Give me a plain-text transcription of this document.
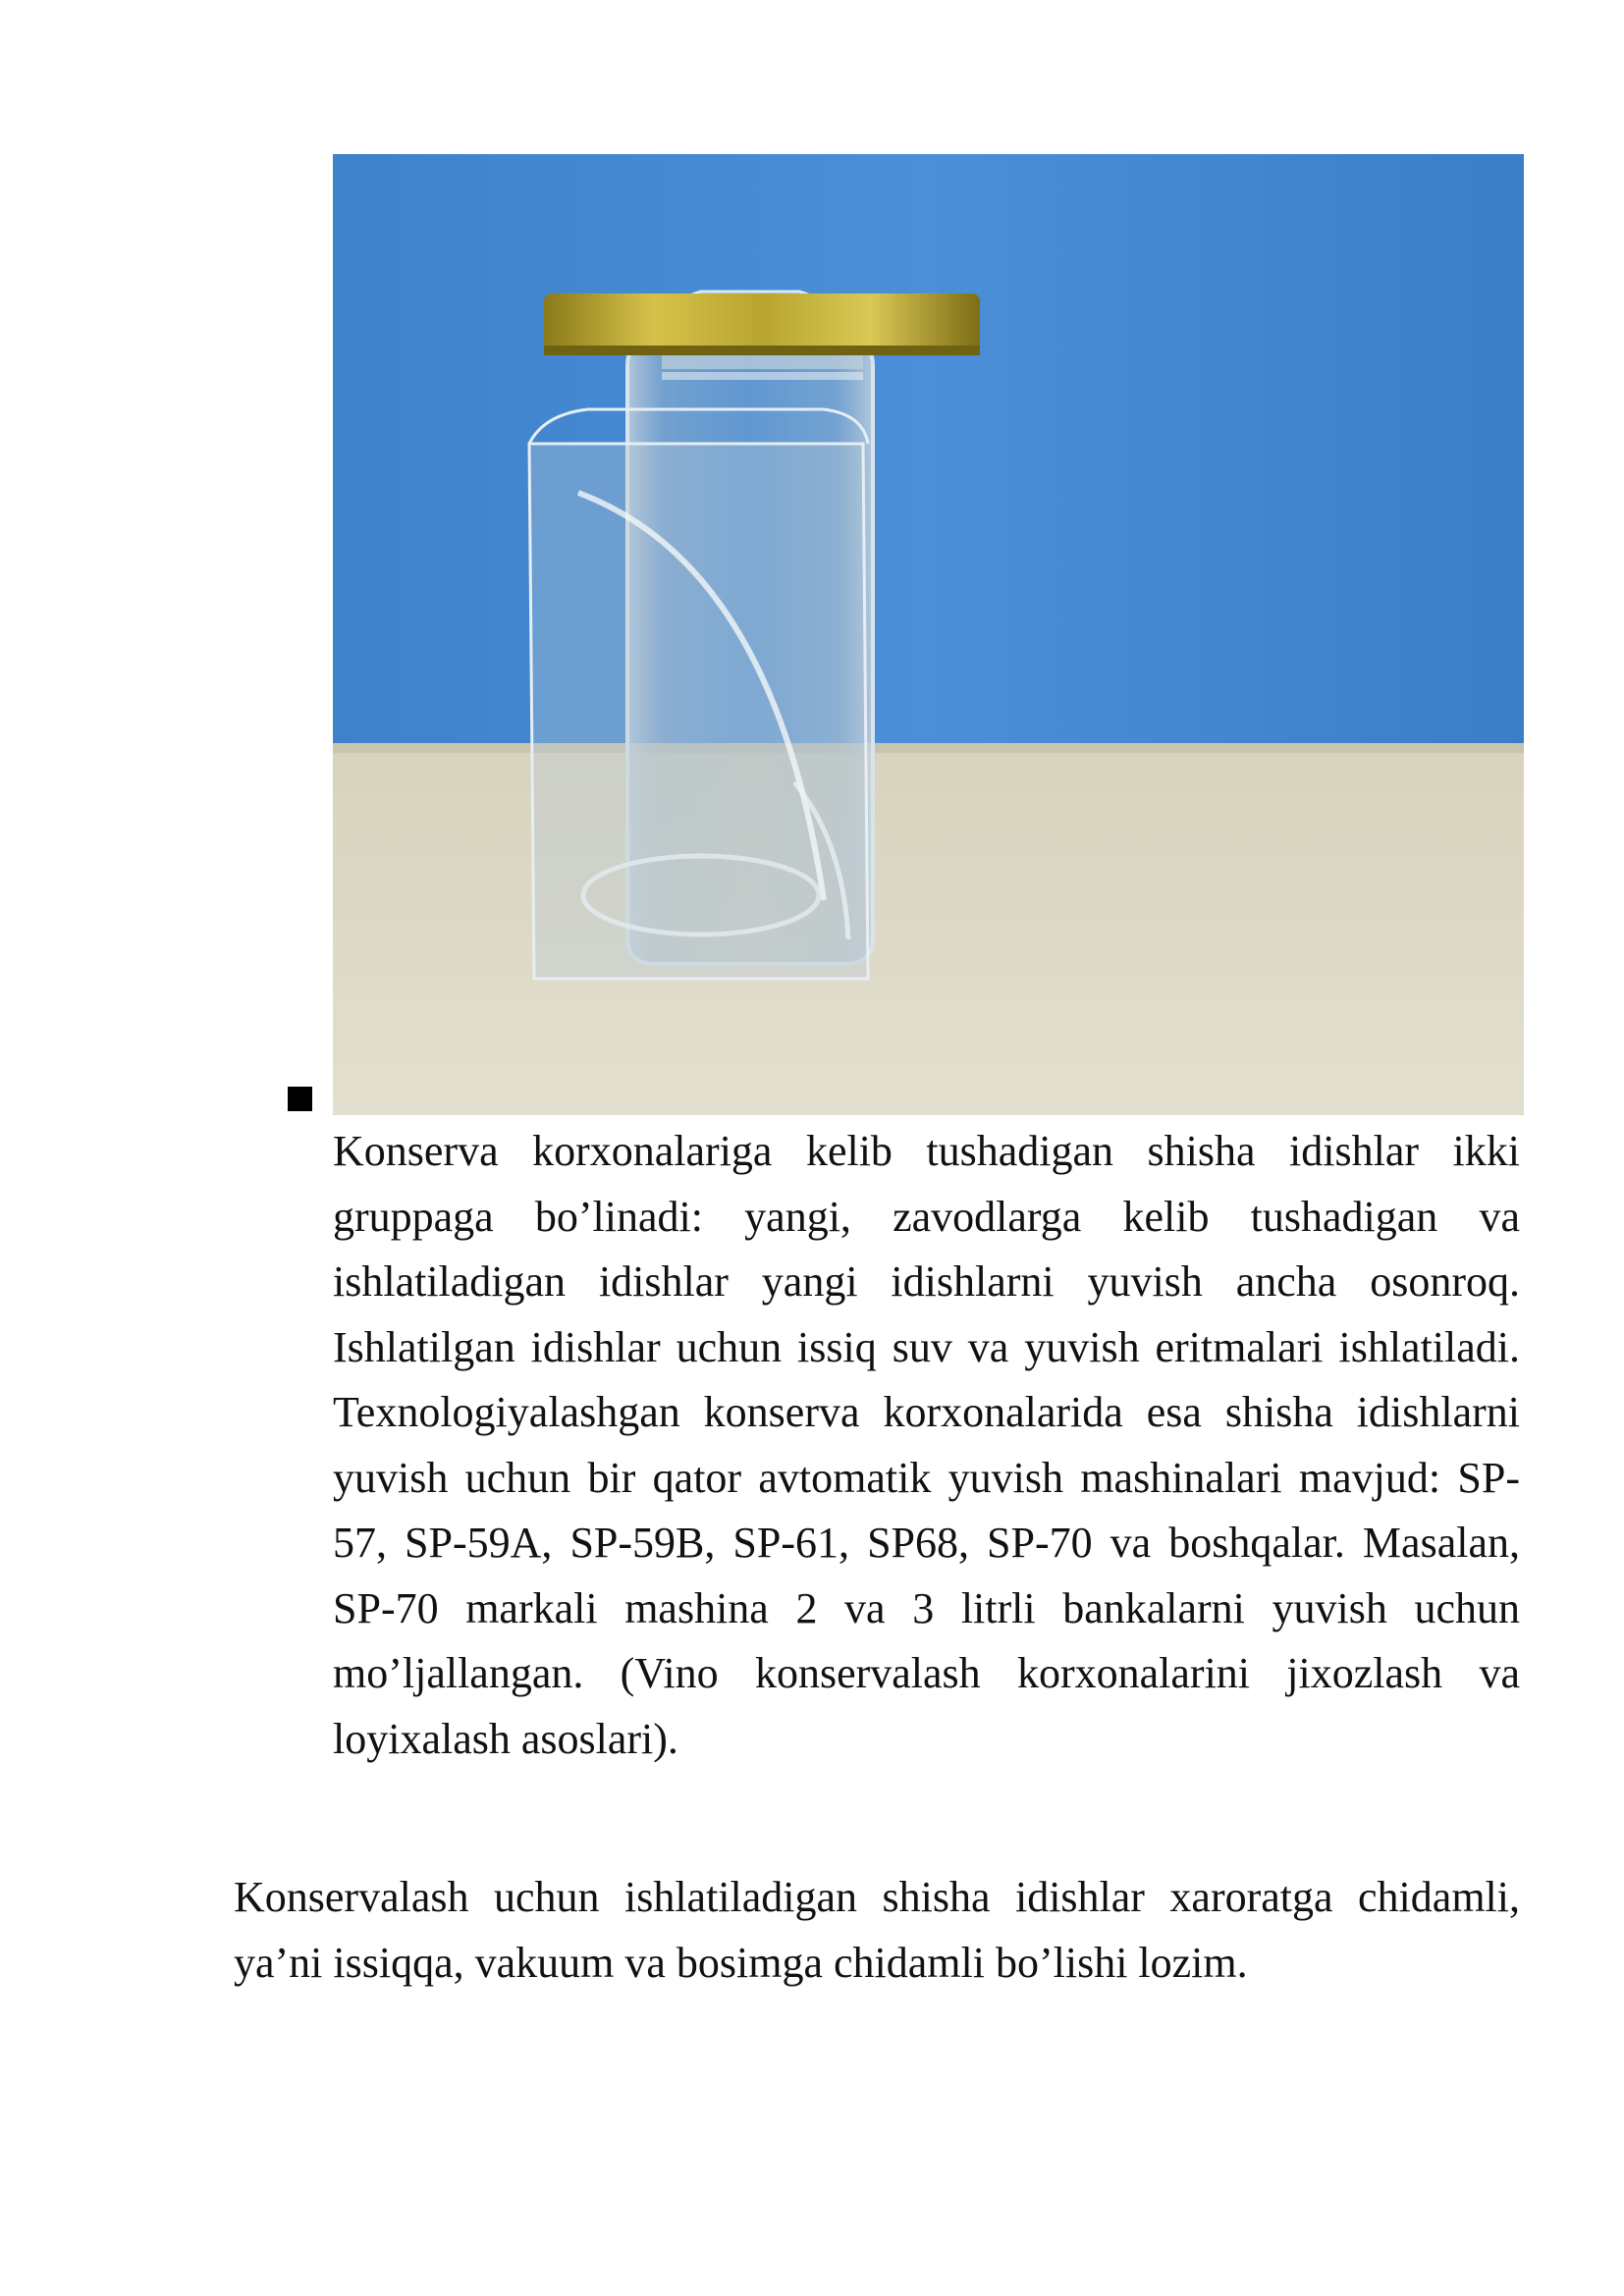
Konserva korxonalariga kelib tushadigan shisha idishlar ikki gruppaga bo’linadi: yangi, zavodlarga kelib tushadigan va ishlatiladigan idishlar yangi idishlarni yuvish ancha osonroq. Ishlatilgan idishlar uchun issiq suv va yuvish eritmalari ishlatiladi. Texnologiyalashgan konserva korxonalarida esa shisha idishlarni yuvish uchun bir qator avtomatik yuvish mashinalari mavjud: SP-57, SP-59A, SP-59B, SP-61, SP68, SP-70 va boshqalar. Masalan, SP-70 markali mashina 2 va 3 litrli bankalarni yuvish uchun mo’ljallangan. (Vino konservalash korxonalarini jixozlash va loyixalash asoslari).

Konservalash uchun ishlatiladigan shisha idishlar xaroratga chidamli, ya’ni issiqqa, vakuum va bosimga chidamli bo’lishi lozim.
